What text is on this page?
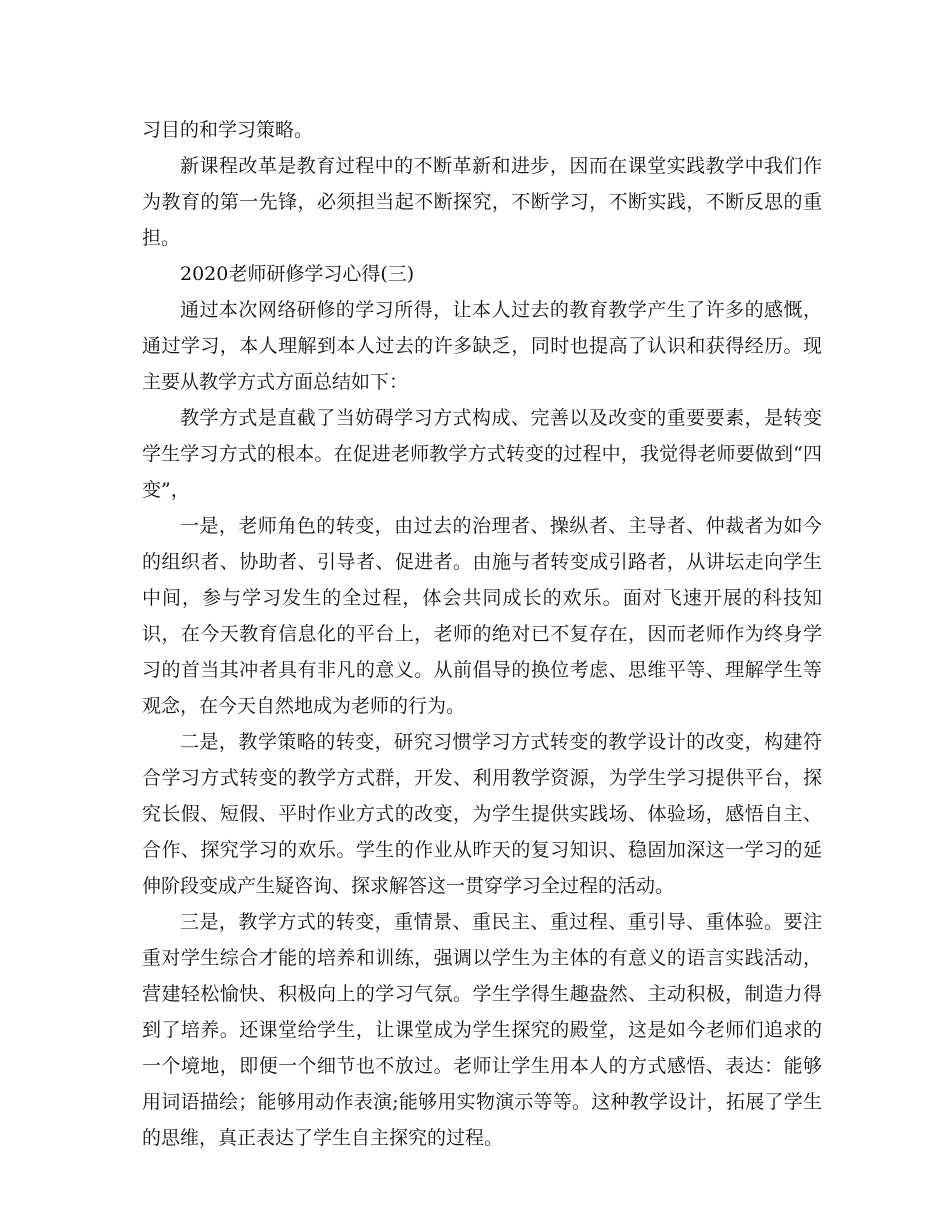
习目的和学习策略。

新课程改革是教育过程中的不断革新和进步，因而在课堂实践教学中我们作为教育的第一先锋，必须担当起不断探究，不断学习，不断实践，不断反思的重担。

2020老师研修学习心得(三)

通过本次网络研修的学习所得，让本人过去的教育教学产生了许多的感慨，通过学习，本人理解到本人过去的许多缺乏，同时也提高了认识和获得经历。现主要从教学方式方面总结如下：

教学方式是直截了当妨碍学习方式构成、完善以及改变的重要要素，是转变学生学习方式的根本。在促进老师教学方式转变的过程中，我觉得老师要做到“四变”，

一是，老师角色的转变，由过去的治理者、操纵者、主导者、仲裁者为如今的组织者、协助者、引导者、促进者。由施与者转变成引路者，从讲坛走向学生中间，参与学习发生的全过程，体会共同成长的欢乐。面对飞速开展的科技知识，在今天教育信息化的平台上，老师的绝对已不复存在，因而老师作为终身学习的首当其冲者具有非凡的意义。从前倡导的换位考虑、思维平等、理解学生等观念，在今天自然地成为老师的行为。

二是，教学策略的转变，研究习惯学习方式转变的教学设计的改变，构建符合学习方式转变的教学方式群，开发、利用教学资源，为学生学习提供平台，探究长假、短假、平时作业方式的改变，为学生提供实践场、体验场，感悟自主、合作、探究学习的欢乐。学生的作业从昨天的复习知识、稳固加深这一学习的延伸阶段变成产生疑咨询、探求解答这一贯穿学习全过程的活动。

三是，教学方式的转变，重情景、重民主、重过程、重引导、重体验。要注重对学生综合才能的培养和训练，强调以学生为主体的有意义的语言实践活动，营建轻松愉快、积极向上的学习气氛。学生学得生趣盎然、主动积极，制造力得到了培养。还课堂给学生，让课堂成为学生探究的殿堂，这是如今老师们追求的一个境地，即便一个细节也不放过。老师让学生用本人的方式感悟、表达：能够用词语描绘；能够用动作表演;能够用实物演示等等。这种教学设计，拓展了学生的思维，真正表达了学生自主探究的过程。
